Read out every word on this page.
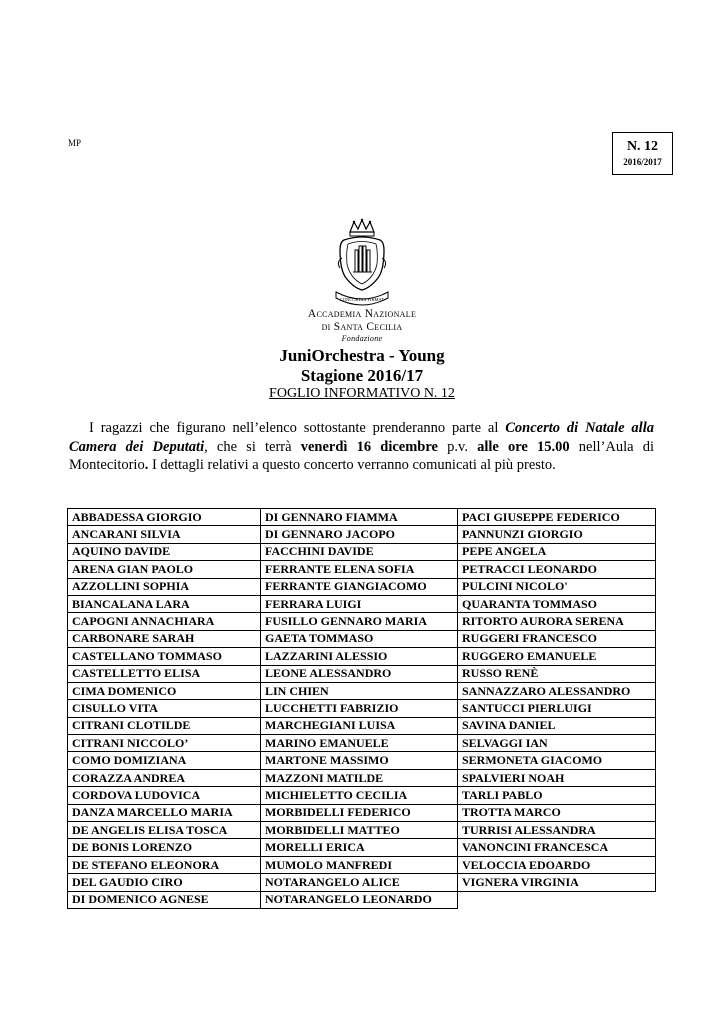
MP	N. 12
2016/2017
CONCORDIA FIRMAT
Accademia Nazionale
di Santa Cecilia
Fondazione
JuniOrchestra - Young
Stagione 2016/17
FOGLIO INFORMATIVO N. 12
I ragazzi che figurano nell’elenco sottostante prenderanno parte al Concerto di Natale alla Camera dei Deputati, che si terrà venerdì 16 dicembre p.v. alle ore 15.00 nell’Aula di Montecitorio. I dettagli relativi a questo concerto verranno comunicati al più presto.
ABBADESSA GIORGIO	DI GENNARO FIAMMA	PACI GIUSEPPE FEDERICO
ANCARANI SILVIA	DI GENNARO JACOPO	PANNUNZI GIORGIO
AQUINO DAVIDE	FACCHINI DAVIDE	PEPE ANGELA
ARENA GIAN PAOLO	FERRANTE ELENA SOFIA	PETRACCI LEONARDO
AZZOLLINI SOPHIA	FERRANTE GIANGIACOMO	PULCINI NICOLO'
BIANCALANA LARA	FERRARA LUIGI	QUARANTA TOMMASO
CAPOGNI ANNACHIARA	FUSILLO GENNARO MARIA	RITORTO AURORA SERENA
CARBONARE SARAH	GAETA TOMMASO	RUGGERI FRANCESCO
CASTELLANO TOMMASO	LAZZARINI ALESSIO	RUGGERO EMANUELE
CASTELLETTO ELISA	LEONE ALESSANDRO	RUSSO RENÈ
CIMA DOMENICO	LIN CHIEN	SANNAZZARO ALESSANDRO
CISULLO VITA	LUCCHETTI FABRIZIO	SANTUCCI PIERLUIGI
CITRANI CLOTILDE	MARCHEGIANI LUISA	SAVINA DANIEL
CITRANI NICCOLO’	MARINO EMANUELE	SELVAGGI IAN
COMO DOMIZIANA	MARTONE MASSIMO	SERMONETA GIACOMO
CORAZZA ANDREA	MAZZONI MATILDE	SPALVIERI NOAH
CORDOVA LUDOVICA	MICHIELETTO CECILIA	TARLI PABLO
DANZA MARCELLO MARIA	MORBIDELLI FEDERICO	TROTTA MARCO
DE ANGELIS ELISA TOSCA	MORBIDELLI MATTEO	TURRISI ALESSANDRA
DE BONIS LORENZO	MORELLI ERICA	VANONCINI FRANCESCA
DE STEFANO ELEONORA	MUMOLO MANFREDI	VELOCCIA EDOARDO
DEL GAUDIO CIRO	NOTARANGELO ALICE	VIGNERA VIRGINIA
DI DOMENICO AGNESE	NOTARANGELO LEONARDO	
